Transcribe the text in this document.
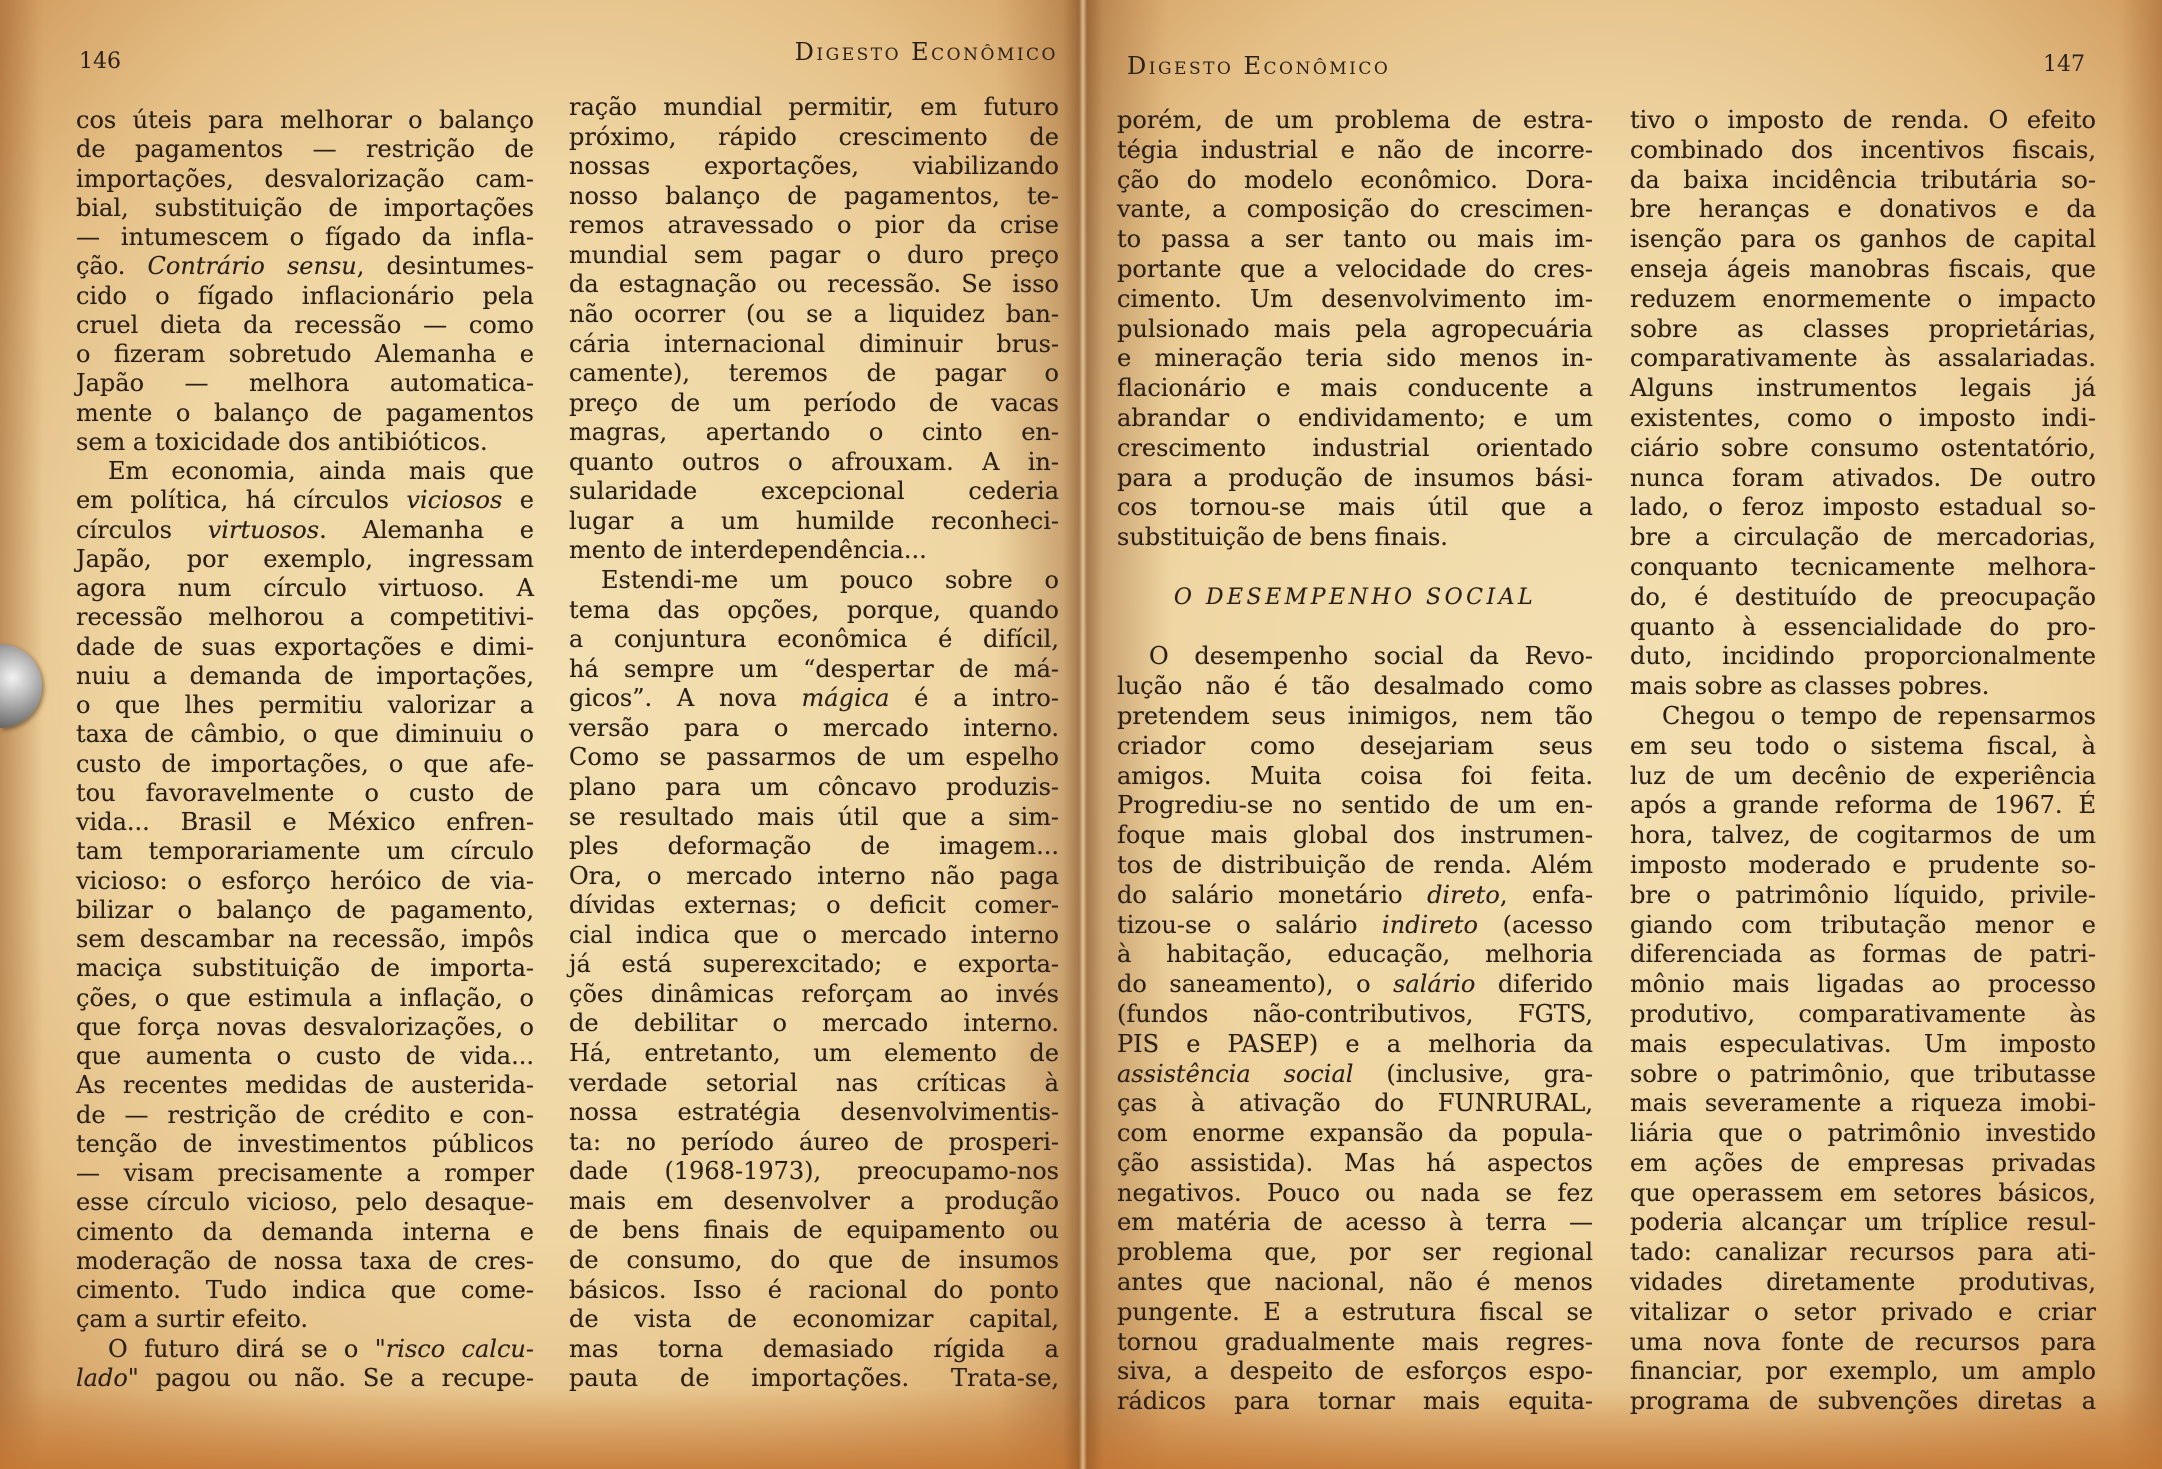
146	Digesto Econômico
cos úteis para melhorar o balanço
de pagamentos — restrição de
importações, desvalorização cam-
bial, substituição de importações
— intumescem o fígado da infla-
ção. Contrário sensu, desintumes-
cido o fígado inflacionário pela
cruel dieta da recessão — como
o fizeram sobretudo Alemanha e
Japão — melhora automatica-
mente o balanço de pagamentos
sem a toxicidade dos antibióticos.
Em economia, ainda mais que
em política, há círculos viciosos e
círculos virtuosos. Alemanha e
Japão, por exemplo, ingressam
agora num círculo virtuoso. A
recessão melhorou a competitivi-
dade de suas exportações e dimi-
nuiu a demanda de importações,
o que lhes permitiu valorizar a
taxa de câmbio, o que diminuiu o
custo de importações, o que afe-
tou favoravelmente o custo de
vida... Brasil e México enfren-
tam temporariamente um círculo
vicioso: o esforço heróico de via-
bilizar o balanço de pagamento,
sem descambar na recessão, impôs
maciça substituição de importa-
ções, o que estimula a inflação, o
que força novas desvalorizações, o
que aumenta o custo de vida...
As recentes medidas de austerida-
de — restrição de crédito e con-
tenção de investimentos públicos
— visam precisamente a romper
esse círculo vicioso, pelo desaque-
cimento da demanda interna e
moderação de nossa taxa de cres-
cimento. Tudo indica que come-
çam a surtir efeito.
O futuro dirá se o "risco calcu-
lado" pagou ou não. Se a recupe-
ração mundial permitir, em futuro
próximo, rápido crescimento de
nossas exportações, viabilizando
nosso balanço de pagamentos, te-
remos atravessado o pior da crise
mundial sem pagar o duro preço
da estagnação ou recessão. Se isso
não ocorrer (ou se a liquidez ban-
cária internacional diminuir brus-
camente), teremos de pagar o
preço de um período de vacas
magras, apertando o cinto en-
quanto outros o afrouxam. A in-
sularidade excepcional cederia
lugar a um humilde reconheci-
mento de interdependência...
Estendi-me um pouco sobre o
tema das opções, porque, quando
a conjuntura econômica é difícil,
há sempre um “despertar de má-
gicos”. A nova mágica é a intro-
versão para o mercado interno.
Como se passarmos de um espelho
plano para um côncavo produzis-
se resultado mais útil que a sim-
ples deformação de imagem...
Ora, o mercado interno não paga
dívidas externas; o deficit comer-
cial indica que o mercado interno
já está superexcitado; e exporta-
ções dinâmicas reforçam ao invés
de debilitar o mercado interno.
Há, entretanto, um elemento de
verdade setorial nas críticas à
nossa estratégia desenvolvimentis-
ta: no período áureo de prosperi-
dade (1968-1973), preocupamo-nos
mais em desenvolver a produção
de bens finais de equipamento ou
de consumo, do que de insumos
básicos. Isso é racional do ponto
de vista de economizar capital,
mas torna demasiado rígida a
pauta de importações. Trata-se,
Digesto Econômico	147
porém, de um problema de estra-
tégia industrial e não de incorre-
ção do modelo econômico. Dora-
vante, a composição do crescimen-
to passa a ser tanto ou mais im-
portante que a velocidade do cres-
cimento. Um desenvolvimento im-
pulsionado mais pela agropecuária
e mineração teria sido menos in-
flacionário e mais conducente a
abrandar o endividamento; e um
crescimento industrial orientado
para a produção de insumos bási-
cos tornou-se mais útil que a
substituição de bens finais.
O DESEMPENHO SOCIAL
O desempenho social da Revo-
lução não é tão desalmado como
pretendem seus inimigos, nem tão
criador como desejariam seus
amigos. Muita coisa foi feita.
Progrediu-se no sentido de um en-
foque mais global dos instrumen-
tos de distribuição de renda. Além
do salário monetário direto, enfa-
tizou-se o salário indireto (acesso
à habitação, educação, melhoria
do saneamento), o salário diferido
(fundos não-contributivos, FGTS,
PIS e PASEP) e a melhoria da
assistência social (inclusive, gra-
ças à ativação do FUNRURAL,
com enorme expansão da popula-
ção assistida). Mas há aspectos
negativos. Pouco ou nada se fez
em matéria de acesso à terra —
problema que, por ser regional
antes que nacional, não é menos
pungente. E a estrutura fiscal se
tornou gradualmente mais regres-
siva, a despeito de esforços espo-
rádicos para tornar mais equita-
tivo o imposto de renda. O efeito
combinado dos incentivos fiscais,
da baixa incidência tributária so-
bre heranças e donativos e da
isenção para os ganhos de capital
enseja ágeis manobras fiscais, que
reduzem enormemente o impacto
sobre as classes proprietárias,
comparativamente às assalariadas.
Alguns instrumentos legais já
existentes, como o imposto indi-
ciário sobre consumo ostentatório,
nunca foram ativados. De outro
lado, o feroz imposto estadual so-
bre a circulação de mercadorias,
conquanto tecnicamente melhora-
do, é destituído de preocupação
quanto à essencialidade do pro-
duto, incidindo proporcionalmente
mais sobre as classes pobres.
Chegou o tempo de repensarmos
em seu todo o sistema fiscal, à
luz de um decênio de experiência
após a grande reforma de 1967. É
hora, talvez, de cogitarmos de um
imposto moderado e prudente so-
bre o patrimônio líquido, privile-
giando com tributação menor e
diferenciada as formas de patri-
mônio mais ligadas ao processo
produtivo, comparativamente às
mais especulativas. Um imposto
sobre o patrimônio, que tributasse
mais severamente a riqueza imobi-
liária que o patrimônio investido
em ações de empresas privadas
que operassem em setores básicos,
poderia alcançar um tríplice resul-
tado: canalizar recursos para ati-
vidades diretamente produtivas,
vitalizar o setor privado e criar
uma nova fonte de recursos para
financiar, por exemplo, um amplo
programa de subvenções diretas a
